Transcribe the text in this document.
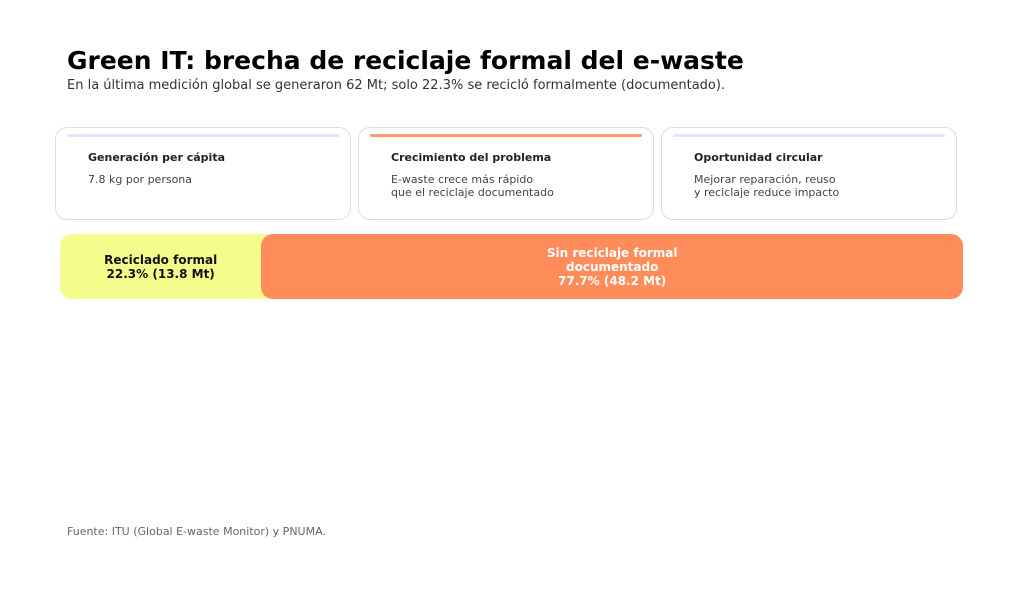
Green IT: brecha de reciclaje formal del e-waste
En la última medición global se generaron 62 Mt; solo 22.3% se recicló formalmente (documentado).
Generación per cápita
7.8 kg por persona
Crecimiento del problema
E-waste crece más rápido
que el reciclaje documentado
Oportunidad circular
Mejorar reparación, reuso
y reciclaje reduce impacto
Reciclado formal
22.3% (13.8 Mt)
Sin reciclaje formal
documentado
77.7% (48.2 Mt)
Fuente: ITU (Global E-waste Monitor) y PNUMA.
